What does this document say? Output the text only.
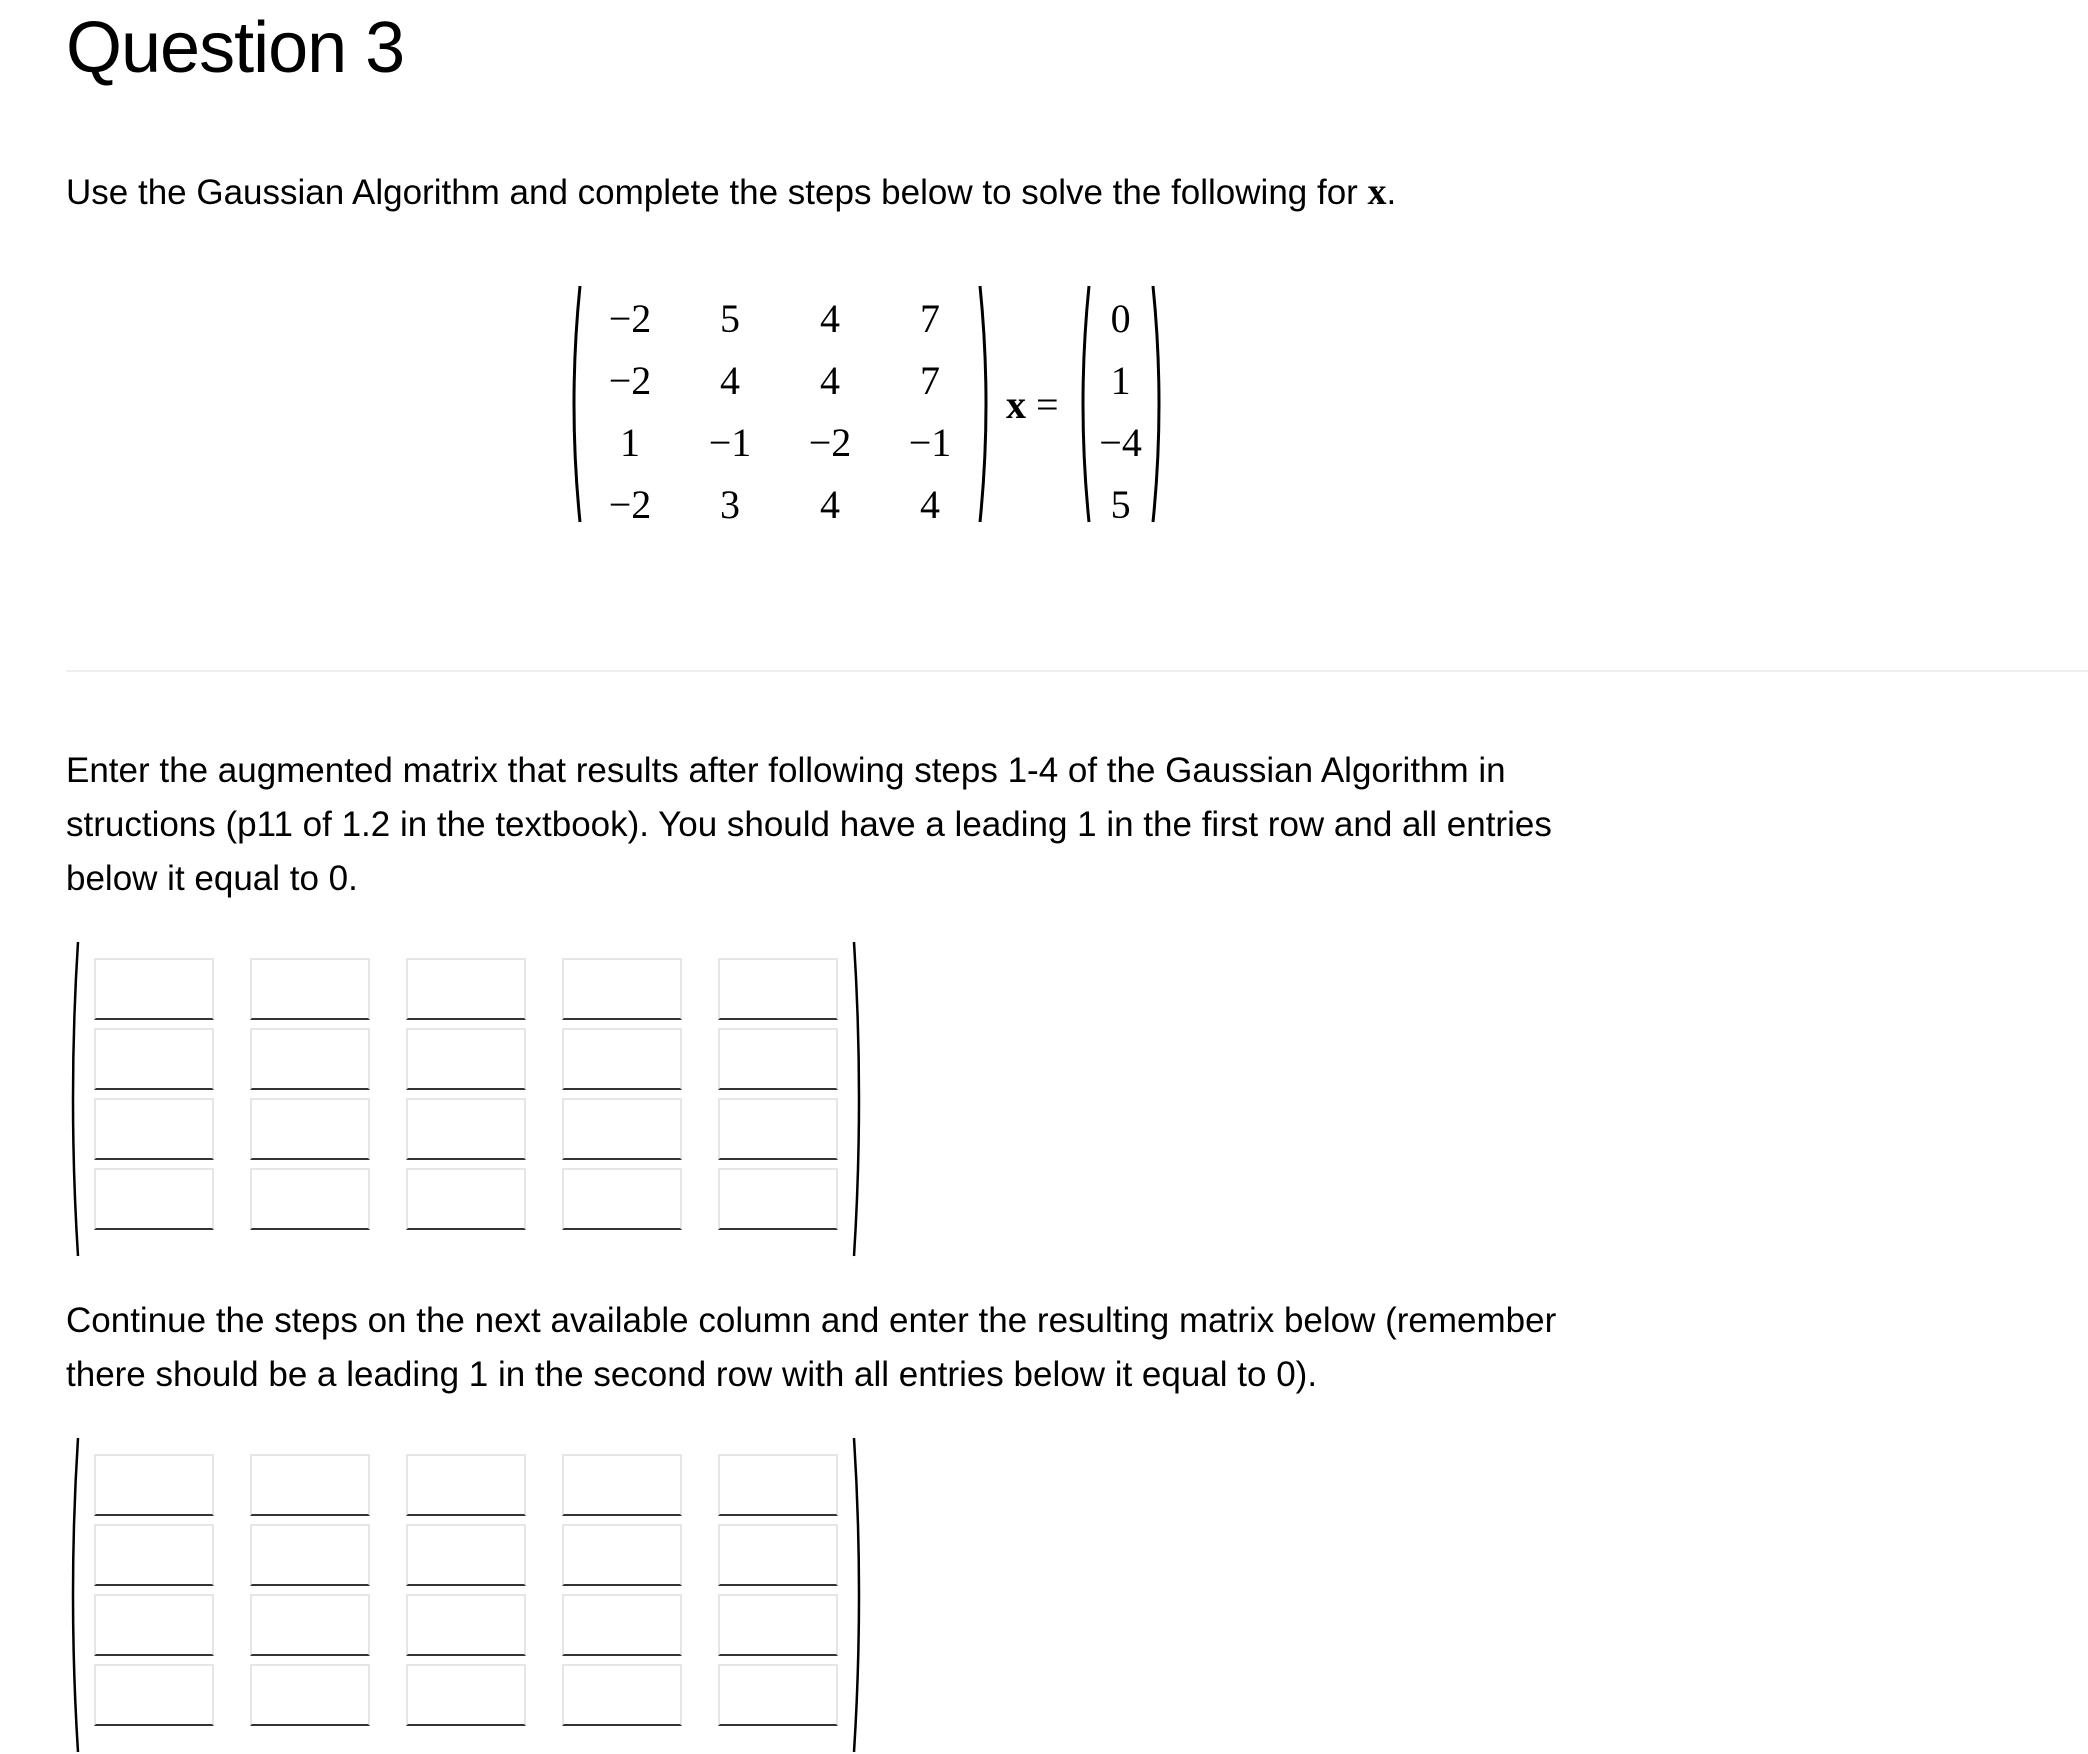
Question 3

Use the Gaussian Algorithm and complete the steps below to solve the following for x.

−2	5	4	7
−2	4	4	7
1	−1	−2	−1
−2	3	4	4
x =
0
1
−4
5

Enter the augmented matrix that results after following steps 1-4 of the Gaussian Algorithm in structions (p11 of 1.2 in the textbook). You should have a leading 1 in the first row and all entries below it equal to 0.

Continue the steps on the next available column and enter the resulting matrix below (remember there should be a leading 1 in the second row with all entries below it equal to 0).
